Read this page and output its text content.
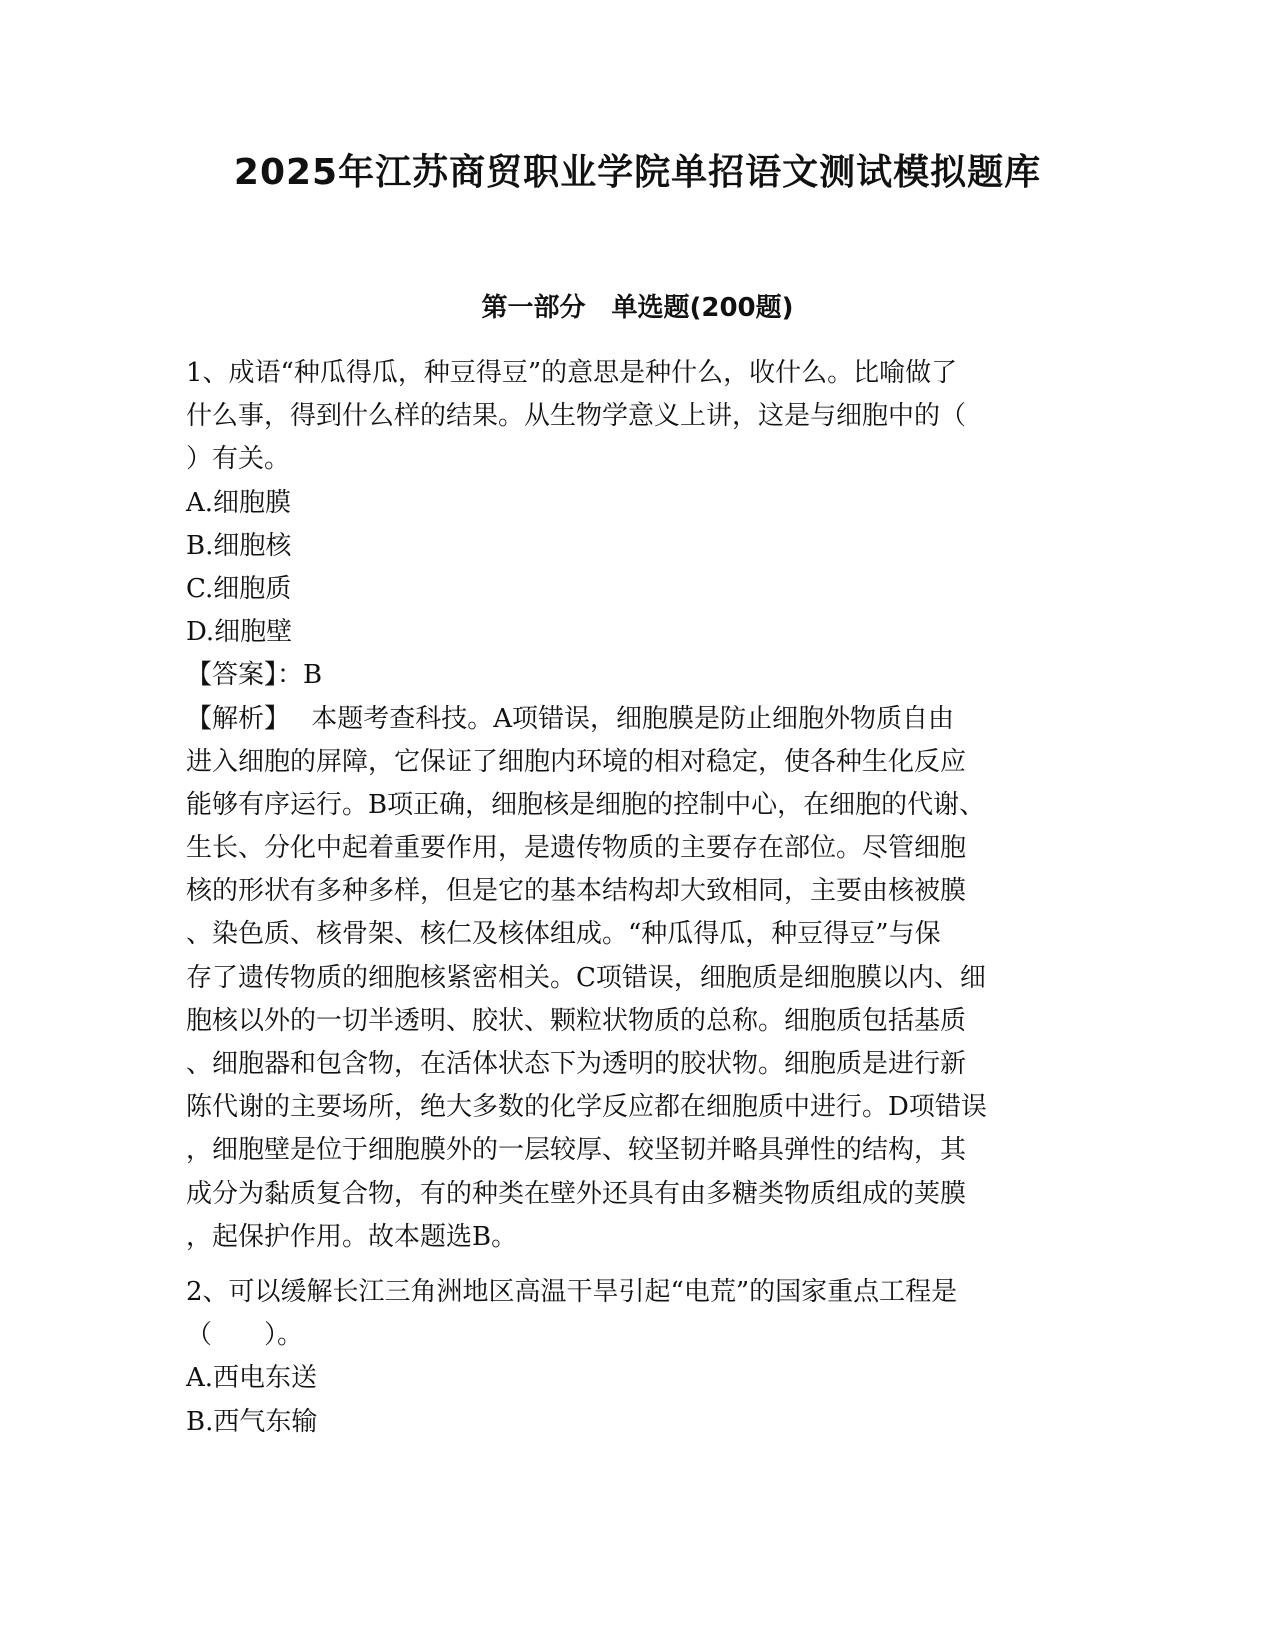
2025年江苏商贸职业学院单招语文测试模拟题库
第一部分　单选题(200题)
1、成语“种瓜得瓜，种豆得豆”的意思是种什么，收什么。比喻做了
什么事，得到什么样的结果。从生物学意义上讲，这是与细胞中的（
）有关。
A.细胞膜
B.细胞核
C.细胞质
D.细胞壁
【答案】：B
【解析】　 本题考查科技。A项错误，细胞膜是防止细胞外物质自由
进入细胞的屏障，它保证了细胞内环境的相对稳定，使各种生化反应
能够有序运行。B项正确，细胞核是细胞的控制中心，在细胞的代谢、
生长、分化中起着重要作用，是遗传物质的主要存在部位。尽管细胞
核的形状有多种多样，但是它的基本结构却大致相同，主要由核被膜
、染色质、核骨架、核仁及核体组成。“种瓜得瓜，种豆得豆”与保
存了遗传物质的细胞核紧密相关。C项错误，细胞质是细胞膜以内、细
胞核以外的一切半透明、胶状、颗粒状物质的总称。细胞质包括基质
、细胞器和包含物，在活体状态下为透明的胶状物。细胞质是进行新
陈代谢的主要场所，绝大多数的化学反应都在细胞质中进行。D项错误
，细胞壁是位于细胞膜外的一层较厚、较坚韧并略具弹性的结构，其
成分为黏质复合物，有的种类在壁外还具有由多糖类物质组成的荚膜
，起保护作用。故本题选B。
2、可以缓解长江三角洲地区高温干旱引起“电荒”的国家重点工程是
（　　）。
A.西电东送
B.西气东输
